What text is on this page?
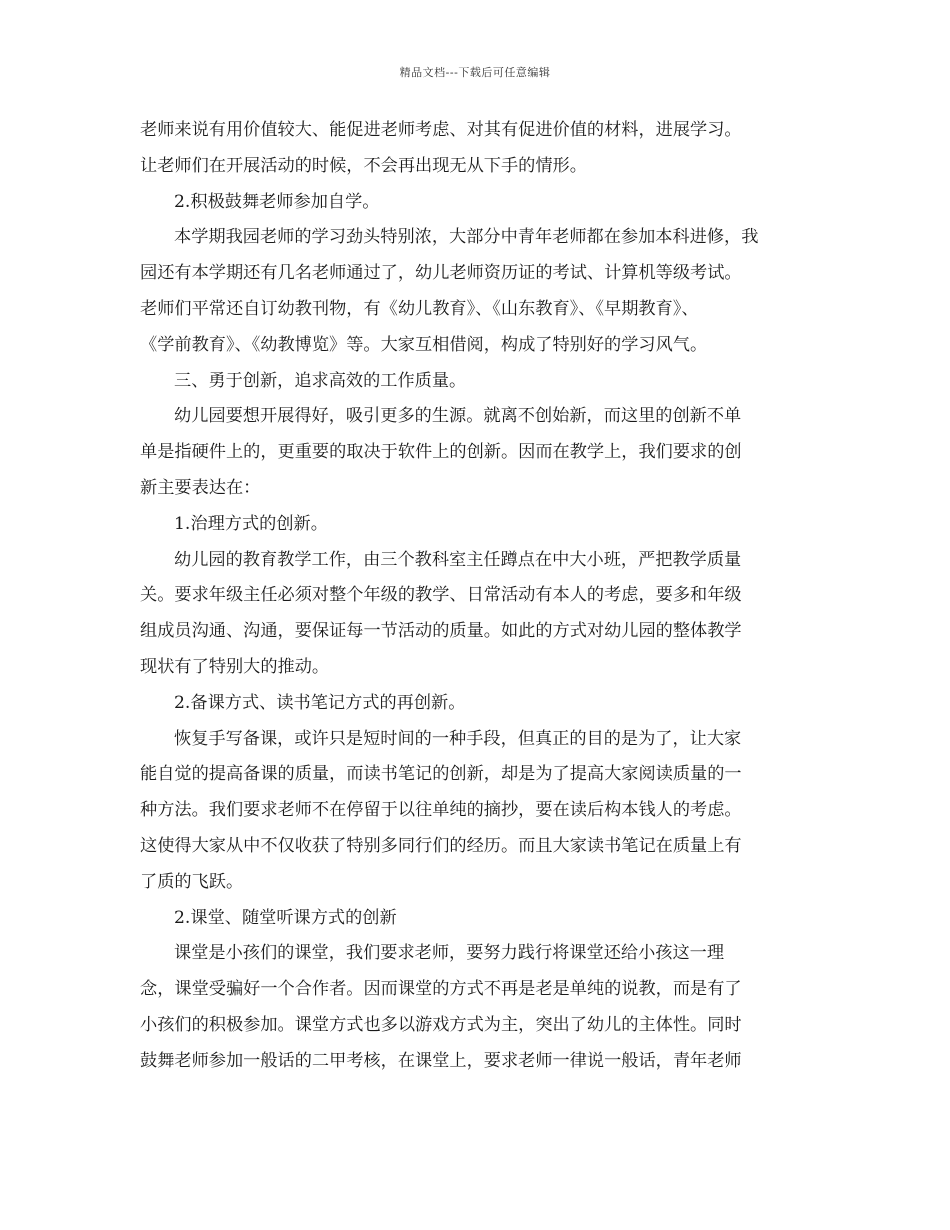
精品文档---下载后可任意编辑
老师来说有用价值较大、能促进老师考虑、对其有促进价值的材料，进展学习。
让老师们在开展活动的时候，不会再出现无从下手的情形。
2.积极鼓舞老师参加自学。
本学期我园老师的学习劲头特别浓，大部分中青年老师都在参加本科进修，我
园还有本学期还有几名老师通过了，幼儿老师资历证的考试、计算机等级考试。
老师们平常还自订幼教刊物，有《幼儿教育》、《山东教育》、《早期教育》、
《学前教育》、《幼教博览》等。大家互相借阅，构成了特别好的学习风气。
三、勇于创新，追求高效的工作质量。
幼儿园要想开展得好，吸引更多的生源。就离不创始新，而这里的创新不单
单是指硬件上的，更重要的取决于软件上的创新。因而在教学上，我们要求的创
新主要表达在：
1.治理方式的创新。
幼儿园的教育教学工作，由三个教科室主任蹲点在中大小班，严把教学质量
关。要求年级主任必须对整个年级的教学、日常活动有本人的考虑，要多和年级
组成员沟通、沟通，要保证每一节活动的质量。如此的方式对幼儿园的整体教学
现状有了特别大的推动。
2.备课方式、读书笔记方式的再创新。
恢复手写备课，或许只是短时间的一种手段，但真正的目的是为了，让大家
能自觉的提高备课的质量，而读书笔记的创新，却是为了提高大家阅读质量的一
种方法。我们要求老师不在停留于以往单纯的摘抄，要在读后构本钱人的考虑。
这使得大家从中不仅收获了特别多同行们的经历。而且大家读书笔记在质量上有
了质的飞跃。
2.课堂、随堂听课方式的创新
课堂是小孩们的课堂，我们要求老师，要努力践行将课堂还给小孩这一理
念，课堂受骗好一个合作者。因而课堂的方式不再是老是单纯的说教，而是有了
小孩们的积极参加。课堂方式也多以游戏方式为主，突出了幼儿的主体性。同时
鼓舞老师参加一般话的二甲考核，在课堂上，要求老师一律说一般话，青年老师
